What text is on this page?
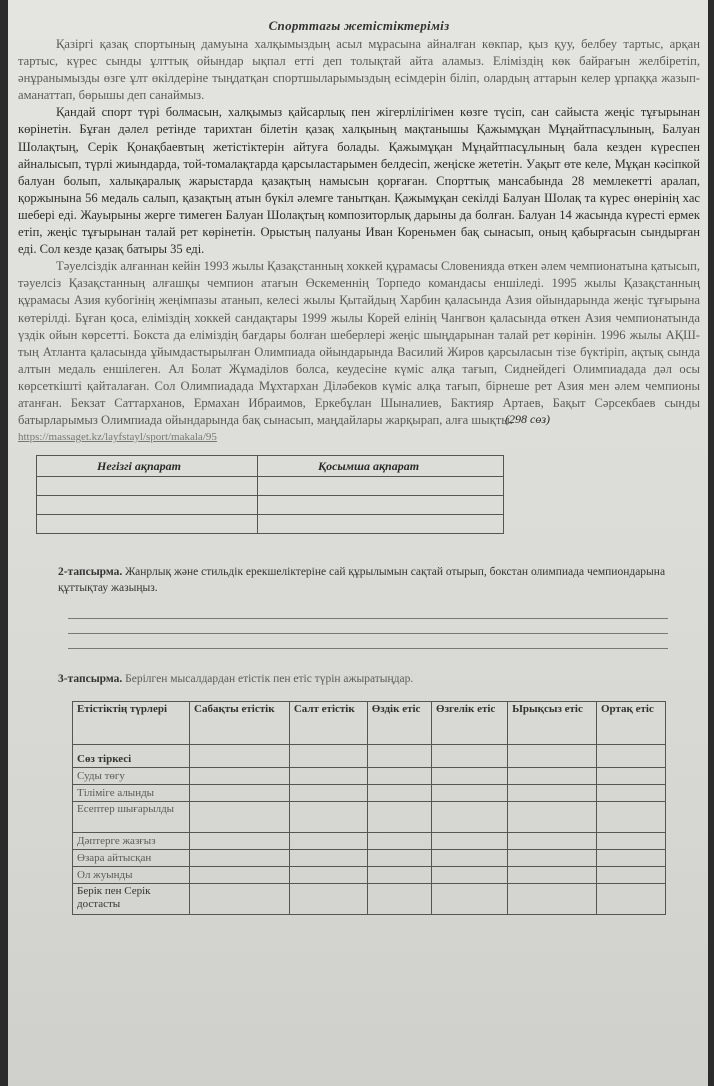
Спорттағы жетістіктеріміз

Қазіргі қазақ спортының дамуына халқымыздың асыл мұрасына айналған көкпар, қыз қуу, белбеу тартыс, арқан тартыс, күрес сынды ұлттық ойындар ықпал етті деп толықтай айта аламыз. Еліміздің көк байрағын желбіретіп, әнұранымызды өзге ұлт өкілдеріне тыңдатқан спортшыларымыздың есімдерін біліп, олардың аттарын келер ұрпаққа жазып-аманаттап, бөрышы деп санаймыз.

Қандай спорт түрі болмасын, халқымыз қайсарлық пен жігерлілігімен көзге түсіп, сан сайыста жеңіс тұғырынан көрінетін. Бұған дәлел ретінде тарихтан білетін қазақ халқының мақтанышы Қажымұқан Мұңайтпасұлының, Балуан Шолақтың, Серік Қонақбаевтың жетістіктерін айтуға болады. Қажымұқан Мұңайтпасұлының бала кезден күреспен айналысып, түрлі жиындарда, той-томалақтарда қарсыластарымен белдесіп, жеңіске жететін. Уақыт өте келе, Мұқан кәсіпкой балуан болып, халықаралық жарыстарда қазақтың намысын қорғаған. Спорттық мансабында 28 мемлекетті аралап, қоржынына 56 медаль салып, қазақтың атын бүкіл әлемге танытқан. Қажымұқан секілді Балуан Шолақ та күрес өнерінің хас шебері еді. Жауырыны жерге тимеген Балуан Шолақтың композиторлық дарыны да болған. Балуан 14 жасында күресті ермек етіп, жеңіс тұғырынан талай рет көрінетін. Орыстың палуаны Иван Кореньмен бақ сынасып, оның қабырғасын сындырған еді. Сол кезде қазақ батыры 35 еді.

Тәуелсіздік алғаннан кейін 1993 жылы Қазақстанның хоккей құрамасы Словенияда өткен әлем чемпионатына қатысып, тәуелсіз Қазақстанның алғашқы чемпион атағын Өскеменнің Торпедо командасы еншіледі. 1995 жылы Қазақстанның құрамасы Азия кубогінің жеңімпазы атанып, келесі жылы Қытайдың Харбин қаласында Азия ойындарында жеңіс тұғырына көтерілді. Бұған қоса, еліміздің хоккей сандақтары 1999 жылы Корей елінің Чангвон қаласында өткен Азия чемпионатында үздік ойын көрсетті. Бокста да еліміздің бағдары болған шеберлері жеңіс шыңдарынан талай рет көрінін. 1996 жылы АҚШ-тың Атланта қаласында ұйымдастырылған Олимпиада ойындарында Василий Жиров қарсыласын тізе бүктіріп, ақтық сында алтын медаль еншілеген. Ал Болат Жұмаділов болса, кеудесіне күміс алқа тағып, Сиднейдегі Олимпиадада дәл осы көрсеткішті қайталаған. Сол Олимпиадада Мұхтархан Діләбеков күміс алқа тағып, бірнеше рет Азия мен әлем чемпионы атанған. Бекзат Саттарханов, Ермахан Ибраимов, Еркебұлан Шыналиев, Бактияр Артаев, Бақыт Сәрсекбаев сынды батырларымыз Олимпиада ойындарында бақ сынасып, маңдайлары жарқырап, алға шықты.

(298 сөз)
https://massaget.kz/layfstayl/sport/makala/95
Негізгі ақпарат	Қосымша ақпарат

2-тапсырма. Жанрлық және стильдік ерекшеліктеріне сай құрылымын сақтай отырып, бокстан олимпиада чемпиондарына құттықтау жазыңыз.
3-тапсырма. Берілген мысалдардан етістік пен етіс түрін ажыратыңдар.
Етістіктің түрлері	Сабақты етістік	Салт етістік	Өздік етіс	Өзгелік етіс	Ырықсыз етіс	Ортақ етіс
Сөз тіркесі						
Суды төгу						
Тіліміге алынды						
Есептер шығарылды						
Дәптерге жазғыз						
Өзара айтысқан						
Ол жуынды						
Берік пен Серік достасты						
